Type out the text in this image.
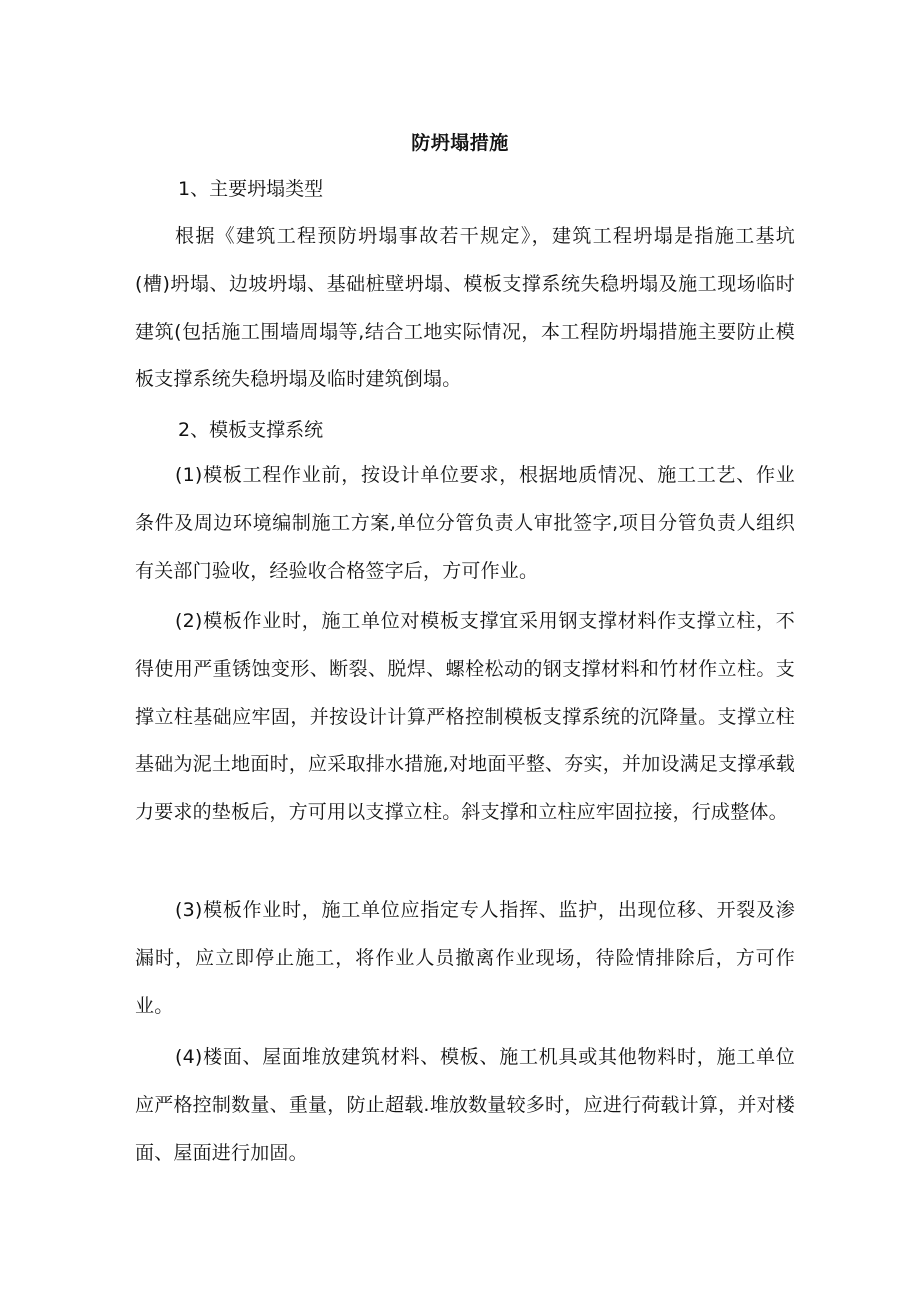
防坍塌措施
1、主要坍塌类型
根据《建筑工程预防坍塌事故若干规定》，建筑工程坍塌是指施工基坑(槽)坍塌、边坡坍塌、基础桩壁坍塌、模板支撑系统失稳坍塌及施工现场临时建筑(包括施工围墙周塌等,结合工地实际情况，本工程防坍塌措施主要防止模板支撑系统失稳坍塌及临时建筑倒塌。
2、模板支撑系统
(1)模板工程作业前，按设计单位要求，根据地质情况、施工工艺、作业条件及周边环境编制施工方案,单位分管负责人审批签字,项目分管负责人组织有关部门验收，经验收合格签字后，方可作业。
(2)模板作业时，施工单位对模板支撑宜采用钢支撑材料作支撑立柱，不得使用严重锈蚀变形、断裂、脱焊、螺栓松动的钢支撑材料和竹材作立柱。支撑立柱基础应牢固，并按设计计算严格控制模板支撑系统的沉降量。支撑立柱基础为泥土地面时，应采取排水措施,对地面平整、夯实，并加设满足支撑承载力要求的垫板后，方可用以支撑立柱。斜支撑和立柱应牢固拉接，行成整体。
(3)模板作业时，施工单位应指定专人指挥、监护，出现位移、开裂及渗漏时，应立即停止施工，将作业人员撤离作业现场，待险情排除后，方可作业。
(4)楼面、屋面堆放建筑材料、模板、施工机具或其他物料时，施工单位应严格控制数量、重量，防止超载.堆放数量较多时，应进行荷载计算，并对楼面、屋面进行加固。
